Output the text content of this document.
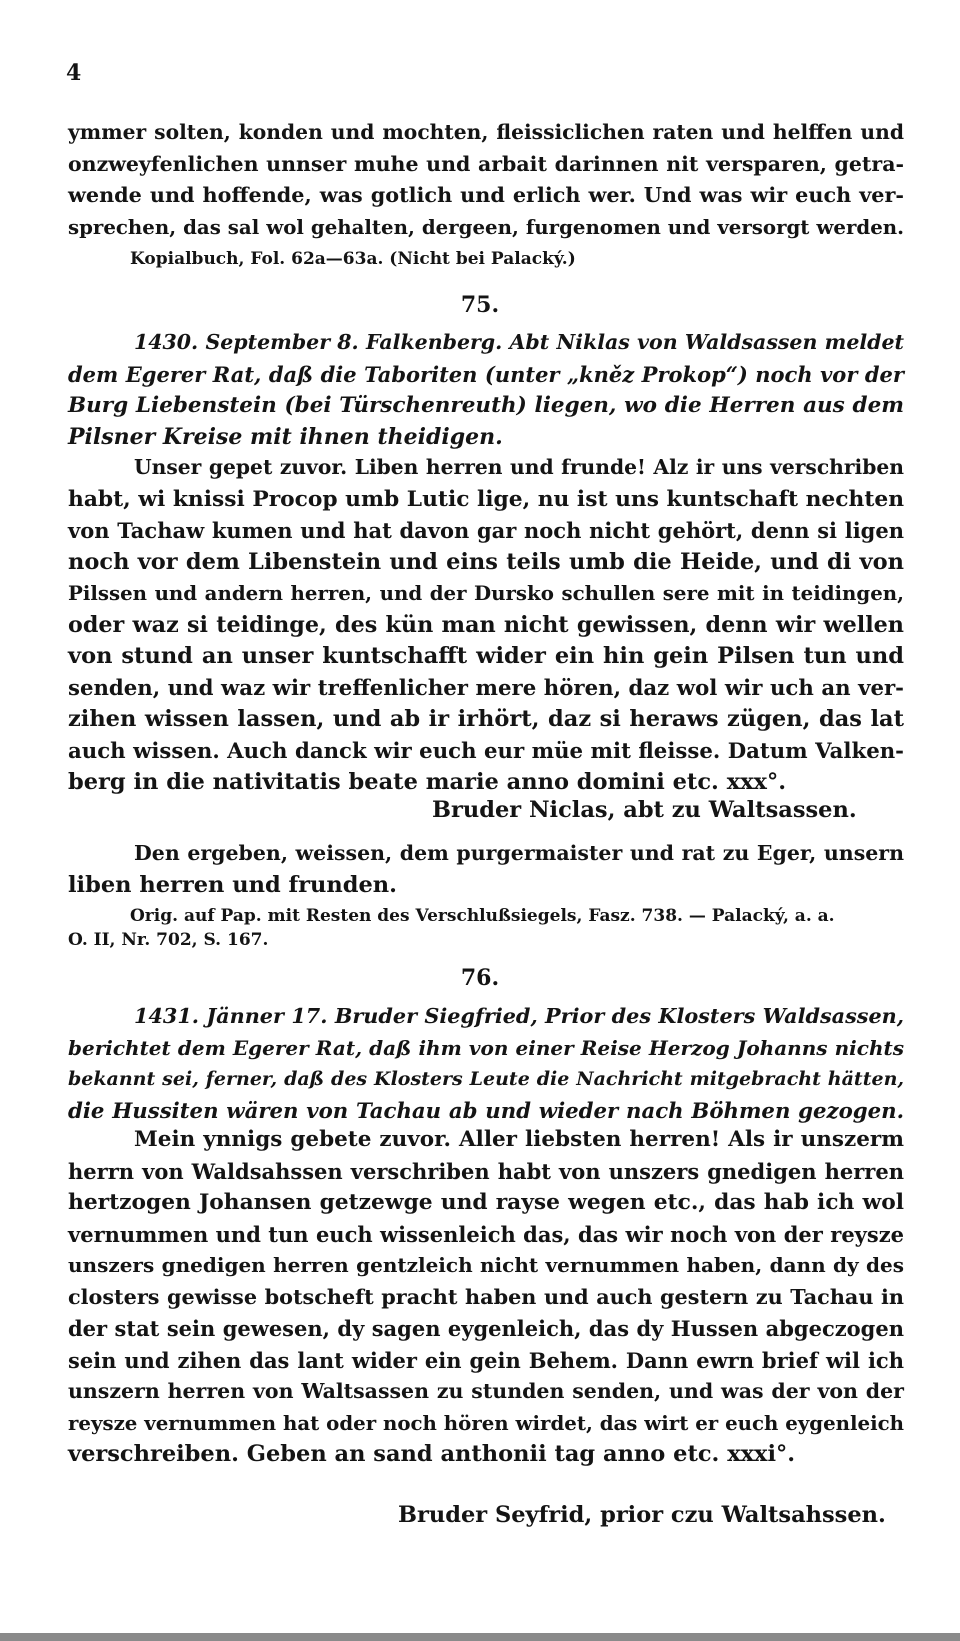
4
ymmer solten, konden und mochten, fleissiclichen raten und helffen und
onzweyfenlichen unnser muhe und arbait darinnen nit versparen, getra-
wende und hoffende, was gotlich und erlich wer. Und was wir euch ver-
sprechen, das sal wol gehalten, dergeen, furgenomen und versorgt werden.
Kopialbuch, Fol. 62a—63a. (Nicht bei Palacký.)
75.
1430. September 8. Falkenberg. Abt Niklas von Waldsassen meldet
dem Egerer Rat, daß die Taboriten (unter „kněz Prokop“) noch vor der
Burg Liebenstein (bei Türschenreuth) liegen, wo die Herren aus dem
Pilsner Kreise mit ihnen theidigen.
Unser gepet zuvor. Liben herren und frunde! Alz ir uns verschriben
habt, wi knissi Procop umb Lutic lige, nu ist uns kuntschaft nechten
von Tachaw kumen und hat davon gar noch nicht gehört, denn si ligen
noch vor dem Libenstein und eins teils umb die Heide, und di von
Pilssen und andern herren, und der Dursko schullen sere mit in teidingen,
oder waz si teidinge, des kün man nicht gewissen, denn wir wellen
von stund an unser kuntschafft wider ein hin gein Pilsen tun und
senden, und waz wir treffenlicher mere hören, daz wol wir uch an ver-
zihen wissen lassen, und ab ir irhört, daz si heraws zügen, das lat
auch wissen. Auch danck wir euch eur müe mit fleisse. Datum Valken-
berg in die nativitatis beate marie anno domini etc. xxx°.
Bruder Niclas, abt zu Waltsassen.
Den ergeben, weissen, dem purgermaister und rat zu Eger, unsern
liben herren und frunden.
Orig. auf Pap. mit Resten des Verschlußsiegels, Fasz. 738. — Palacký, a. a.
O. II, Nr. 702, S. 167.
76.
1431. Jänner 17. Bruder Siegfried, Prior des Klosters Waldsassen,
berichtet dem Egerer Rat, daß ihm von einer Reise Herzog Johanns nichts
bekannt sei, ferner, daß des Klosters Leute die Nachricht mitgebracht hätten,
die Hussiten wären von Tachau ab und wieder nach Böhmen gezogen.
Mein ynnigs gebete zuvor. Aller liebsten herren! Als ir unszerm
herrn von Waldsahssen verschriben habt von unszers gnedigen herren
hertzogen Johansen getzewge und rayse wegen etc., das hab ich wol
vernummen und tun euch wissenleich das, das wir noch von der reysze
unszers gnedigen herren gentzleich nicht vernummen haben, dann dy des
closters gewisse botscheft pracht haben und auch gestern zu Tachau in
der stat sein gewesen, dy sagen eygenleich, das dy Hussen abgeczogen
sein und zihen das lant wider ein gein Behem. Dann ewrn brief wil ich
unszern herren von Waltsassen zu stunden senden, und was der von der
reysze vernummen hat oder noch hören wirdet, das wirt er euch eygenleich
verschreiben. Geben an sand anthonii tag anno etc. xxxi°.
Bruder Seyfrid, prior czu Waltsahssen.
